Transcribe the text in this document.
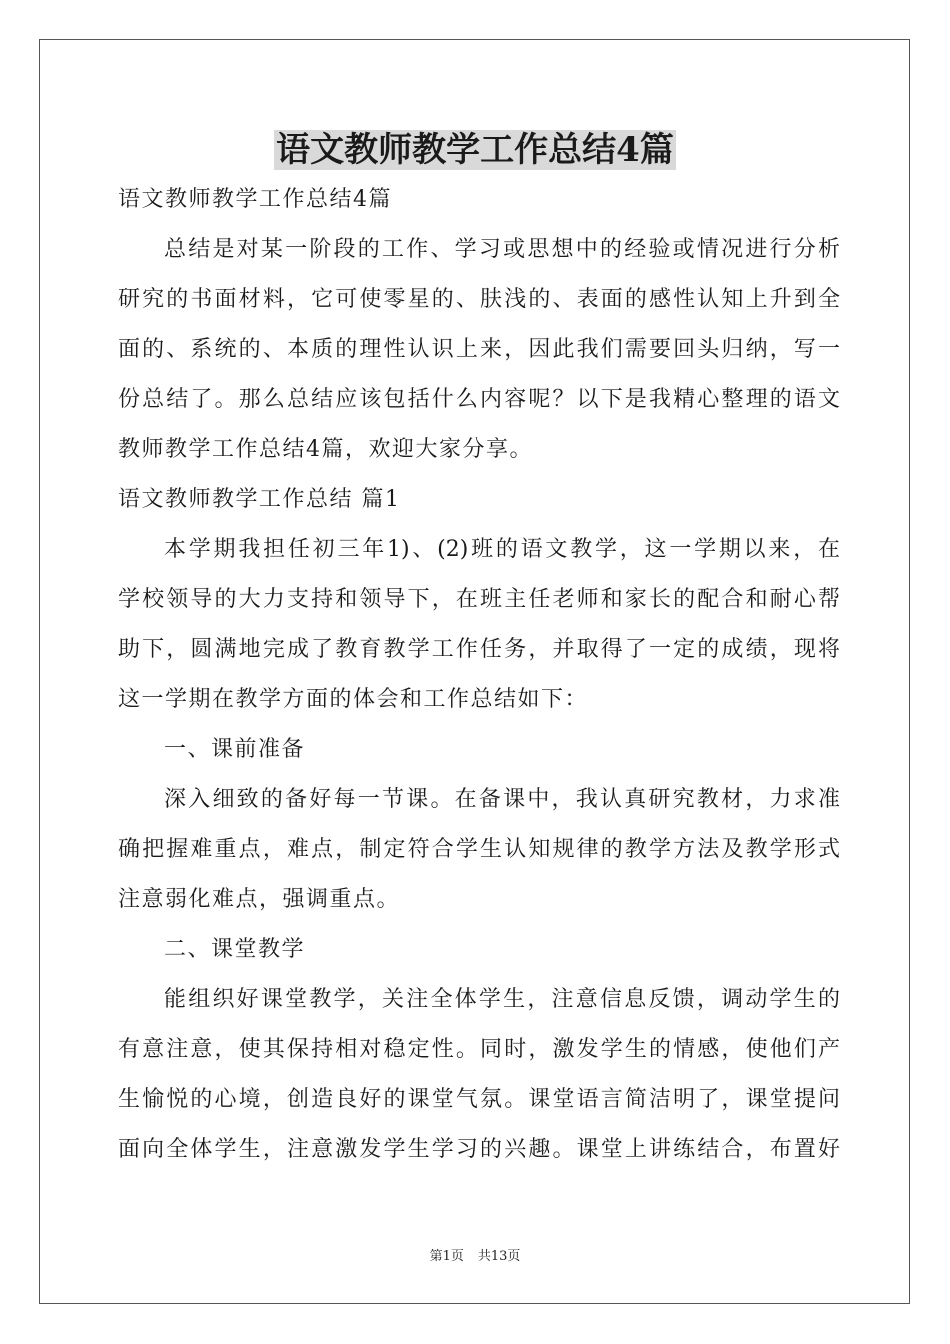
语文教师教学工作总结4篇

语文教师教学工作总结4篇

总结是对某一阶段的工作、学习或思想中的经验或情况进行分析

研究的书面材料，它可使零星的、肤浅的、表面的感性认知上升到全

面的、系统的、本质的理性认识上来，因此我们需要回头归纳，写一

份总结了。那么总结应该包括什么内容呢？以下是我精心整理的语文

教师教学工作总结4篇，欢迎大家分享。

语文教师教学工作总结 篇1

本学期我担任初三年1)、(2)班的语文教学，这一学期以来，在

学校领导的大力支持和领导下，在班主任老师和家长的配合和耐心帮

助下，圆满地完成了教育教学工作任务，并取得了一定的成绩，现将

这一学期在教学方面的体会和工作总结如下：

一、课前准备

深入细致的备好每一节课。在备课中，我认真研究教材，力求准

确把握难重点，难点，制定符合学生认知规律的教学方法及教学形式

注意弱化难点，强调重点。

二、课堂教学

能组织好课堂教学，关注全体学生，注意信息反馈，调动学生的

有意注意，使其保持相对稳定性。同时，激发学生的情感，使他们产

生愉悦的心境，创造良好的课堂气氛。课堂语言简洁明了，课堂提问

面向全体学生，注意激发学生学习的兴趣。课堂上讲练结合，布置好

第1页 共13页
